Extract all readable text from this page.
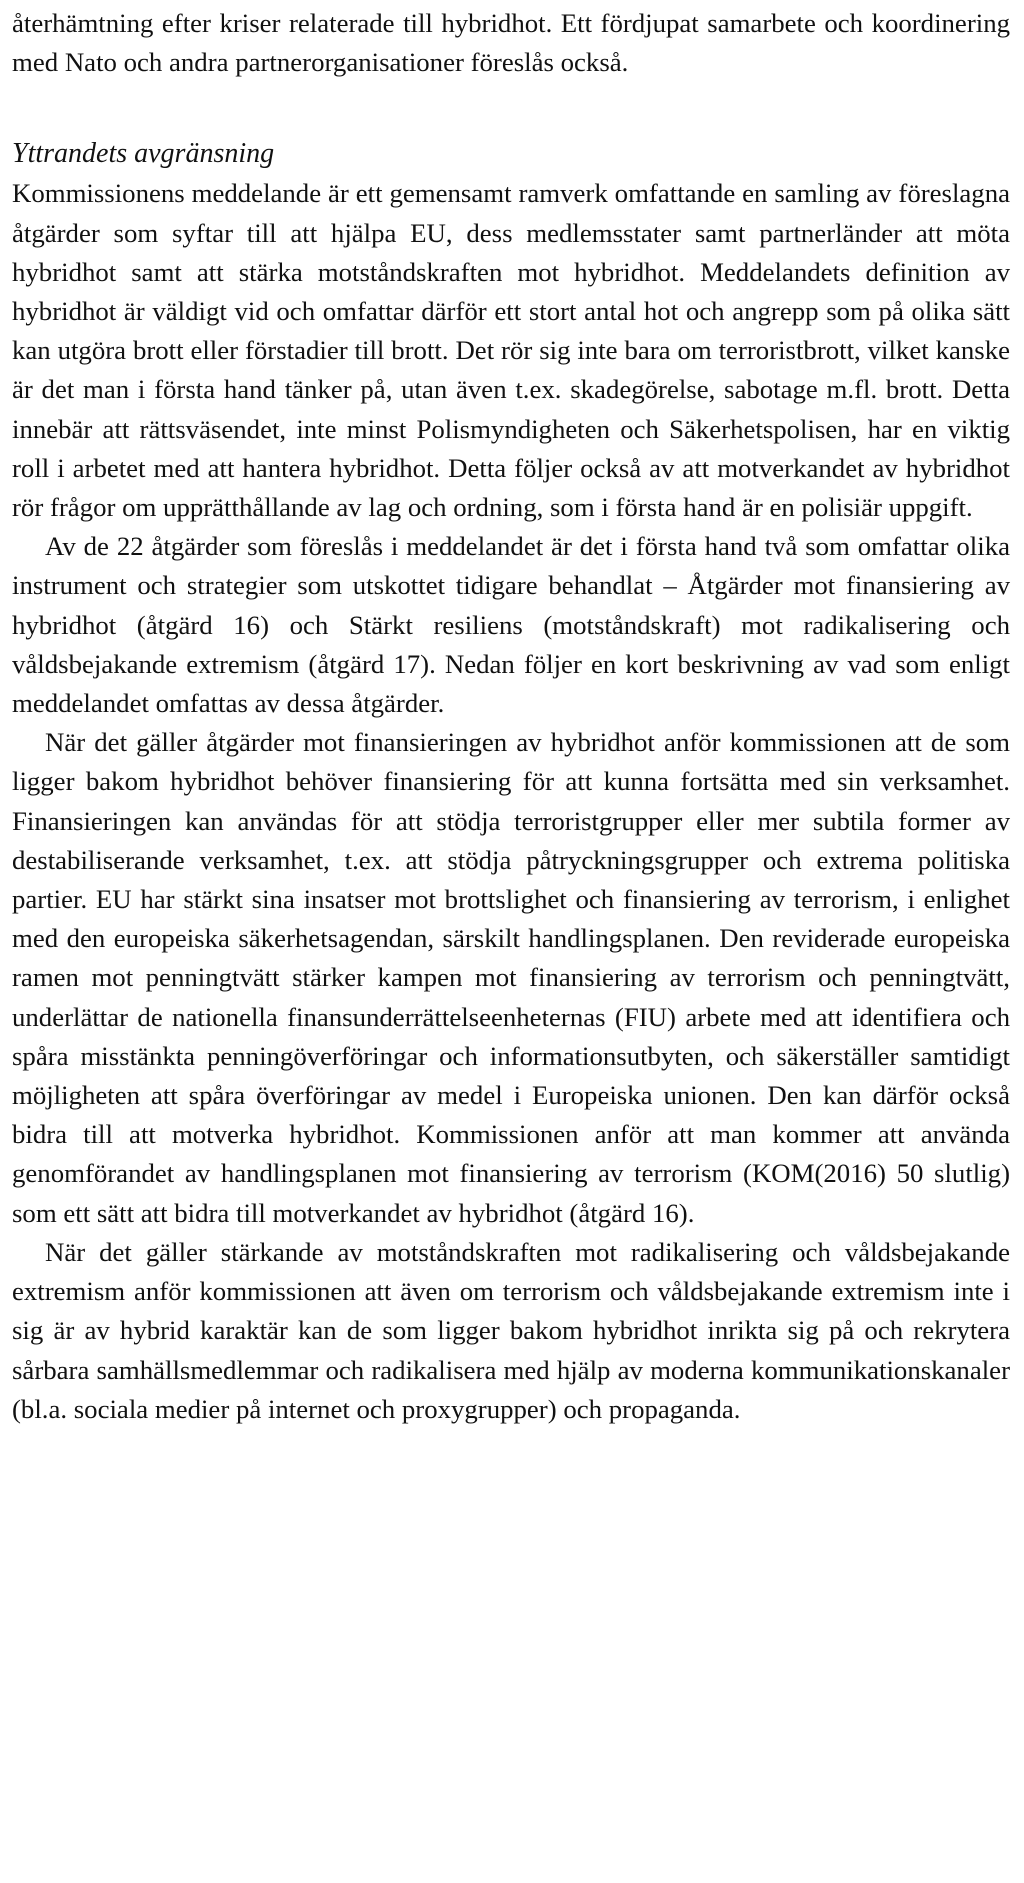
återhämtning efter kriser relaterade till hybridhot. Ett fördjupat samarbete och koordinering med Nato och andra partnerorganisationer föreslås också.

Yttrandets avgränsning

Kommissionens meddelande är ett gemensamt ramverk omfattande en samling av föreslagna åtgärder som syftar till att hjälpa EU, dess medlemsstater samt partnerländer att möta hybridhot samt att stärka motståndskraften mot hybridhot. Meddelandets definition av hybridhot är väldigt vid och omfattar därför ett stort antal hot och angrepp som på olika sätt kan utgöra brott eller förstadier till brott. Det rör sig inte bara om terroristbrott, vilket kanske är det man i första hand tänker på, utan även t.ex. skadegörelse, sabotage m.fl. brott. Detta innebär att rättsväsendet, inte minst Polismyndigheten och Säkerhetspolisen, har en viktig roll i arbetet med att hantera hybridhot. Detta följer också av att motverkandet av hybridhot rör frågor om upprätthållande av lag och ordning, som i första hand är en polisiär uppgift.

Av de 22 åtgärder som föreslås i meddelandet är det i första hand två som omfattar olika instrument och strategier som utskottet tidigare behandlat – Åtgärder mot finansiering av hybridhot (åtgärd 16) och Stärkt resiliens (motståndskraft) mot radikalisering och våldsbejakande extremism (åtgärd 17). Nedan följer en kort beskrivning av vad som enligt meddelandet omfattas av dessa åtgärder.

När det gäller åtgärder mot finansieringen av hybridhot anför kommissionen att de som ligger bakom hybridhot behöver finansiering för att kunna fortsätta med sin verksamhet. Finansieringen kan användas för att stödja terroristgrupper eller mer subtila former av destabiliserande verksamhet, t.ex. att stödja påtryckningsgrupper och extrema politiska partier. EU har stärkt sina insatser mot brottslighet och finansiering av terrorism, i enlighet med den europeiska säkerhetsagendan, särskilt handlingsplanen. Den reviderade europeiska ramen mot penningtvätt stärker kampen mot finansiering av terrorism och penningtvätt, underlättar de nationella finansunderrättelseenheternas (FIU) arbete med att identifiera och spåra misstänkta penningöverföringar och informationsutbyten, och säkerställer samtidigt möjligheten att spåra överföringar av medel i Europeiska unionen. Den kan därför också bidra till att motverka hybridhot. Kommissionen anför att man kommer att använda genomförandet av handlingsplanen mot finansiering av terrorism (KOM(2016) 50 slutlig) som ett sätt att bidra till motverkandet av hybridhot (åtgärd 16).

När det gäller stärkande av motståndskraften mot radikalisering och våldsbejakande extremism anför kommissionen att även om terrorism och våldsbejakande extremism inte i sig är av hybrid karaktär kan de som ligger bakom hybridhot inrikta sig på och rekrytera sårbara samhällsmedlemmar och radikalisera med hjälp av moderna kommunikationskanaler (bl.a. sociala medier på internet och proxygrupper) och propaganda.
